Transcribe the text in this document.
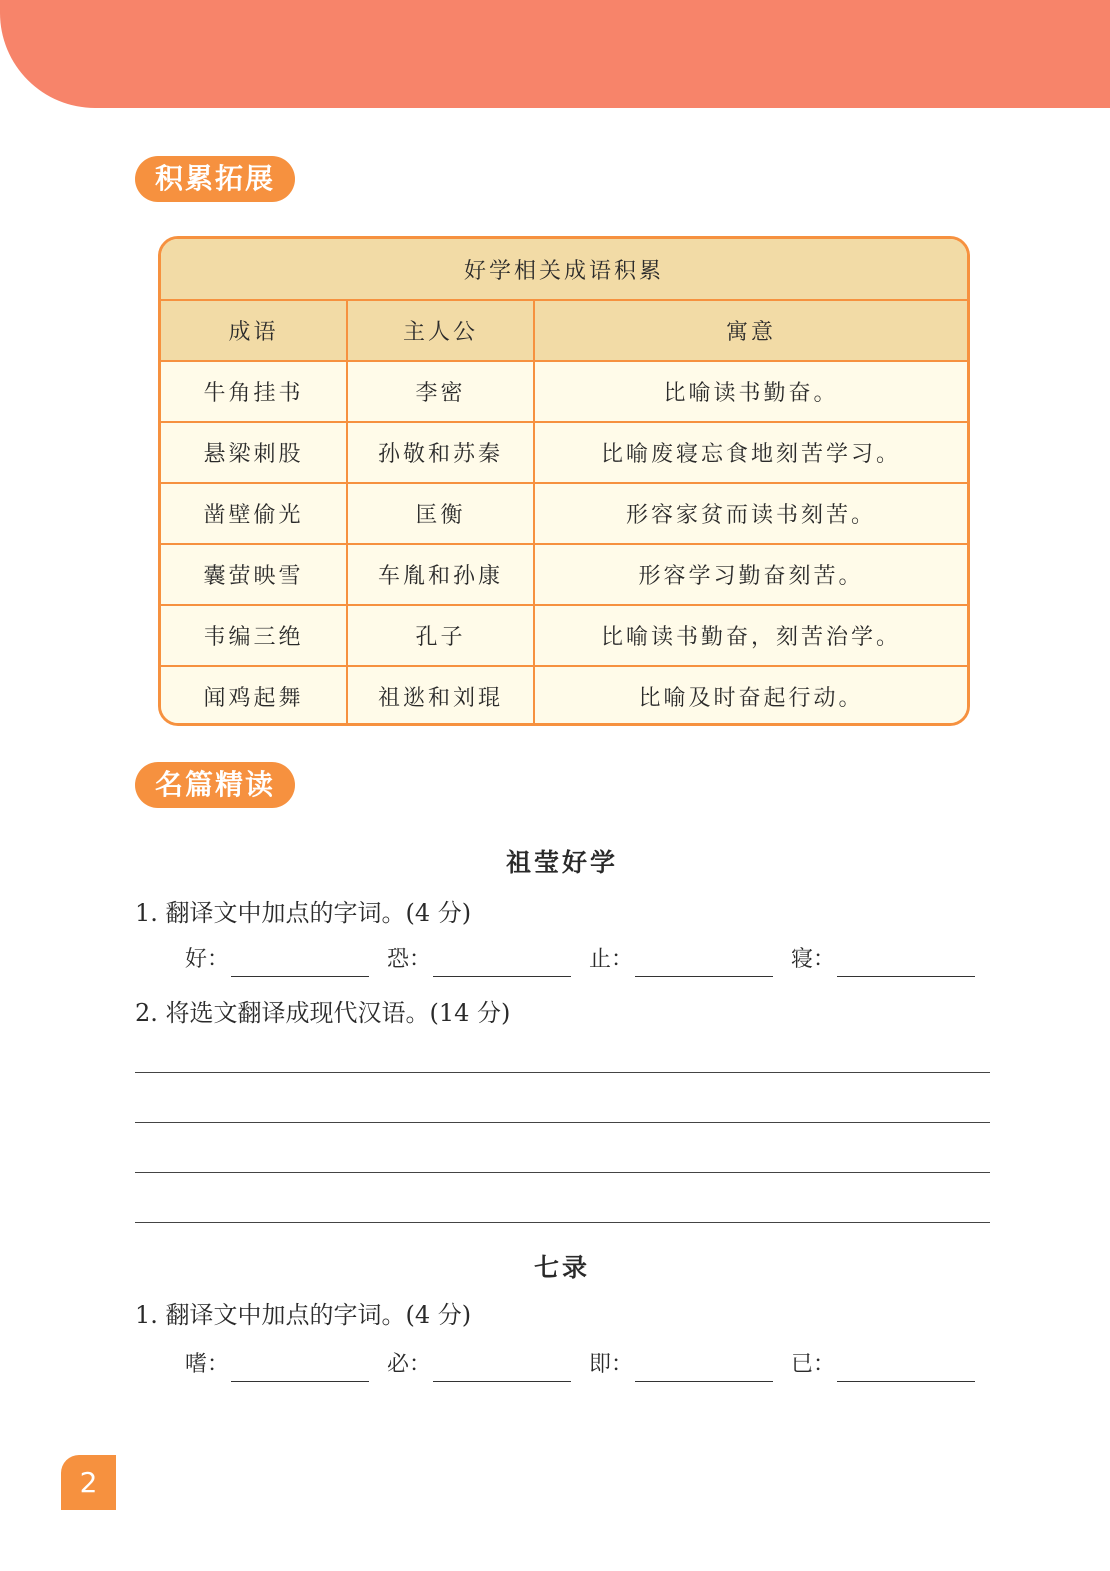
积累拓展
好学相关成语积累		
成语	主人公	寓意
牛角挂书	李密	比喻读书勤奋。
悬梁刺股	孙敬和苏秦	比喻废寝忘食地刻苦学习。
凿壁偷光	匡衡	形容家贫而读书刻苦。
囊萤映雪	车胤和孙康	形容学习勤奋刻苦。
韦编三绝	孔子	比喻读书勤奋，刻苦治学。
闻鸡起舞	祖逖和刘琨	比喻及时奋起行动。
名篇精读
祖莹好学
1. 翻译文中加点的字词。(4 分)
好：	恐：	止：	寝：
2. 将选文翻译成现代汉语。(14 分)
七录
1. 翻译文中加点的字词。(4 分)
嗜：	必：	即：	已：
2
